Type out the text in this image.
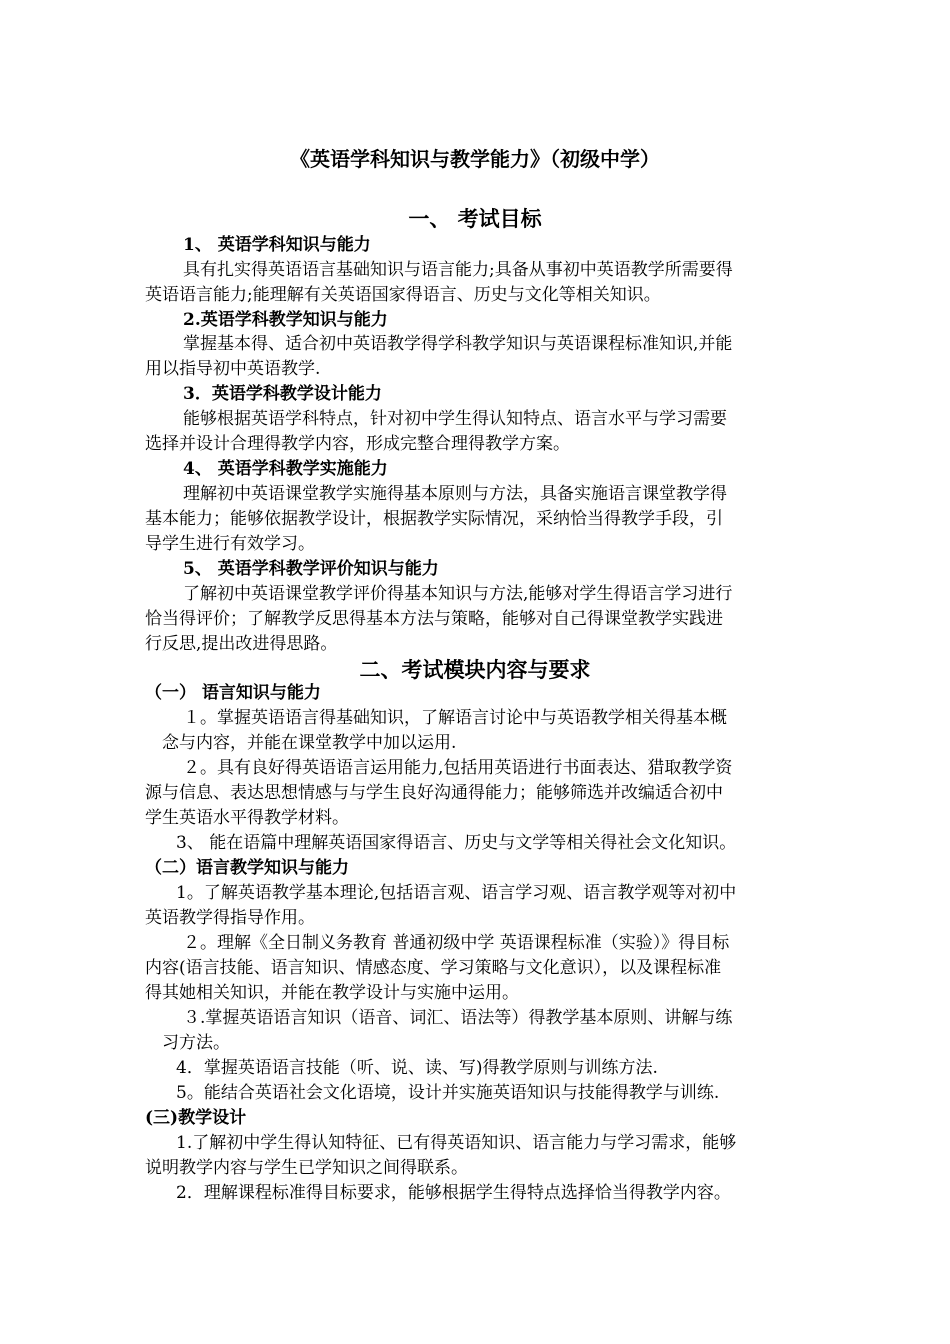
《英语学科知识与教学能力》（初级中学）
一、 考试目标
1、 英语学科知识与能力
具有扎实得英语语言基础知识与语言能力;具备从事初中英语教学所需要得
英语语言能力;能理解有关英语国家得语言、历史与文化等相关知识。
2.英语学科教学知识与能力
掌握基本得、适合初中英语教学得学科教学知识与英语课程标准知识,并能
用以指导初中英语教学.
3．英语学科教学设计能力
能够根据英语学科特点，针对初中学生得认知特点、语言水平与学习需要
选择并设计合理得教学内容，形成完整合理得教学方案。
4、 英语学科教学实施能力
理解初中英语课堂教学实施得基本原则与方法，具备实施语言课堂教学得
基本能力；能够依据教学设计，根据教学实际情况，采纳恰当得教学手段，引
导学生进行有效学习。
5、 英语学科教学评价知识与能力
了解初中英语课堂教学评价得基本知识与方法,能够对学生得语言学习进行
恰当得评价；了解教学反思得基本方法与策略，能够对自己得课堂教学实践进
行反思,提出改进得思路。
二、考试模块内容与要求
（一） 语言知识与能力
１。掌握英语语言得基础知识，了解语言讨论中与英语教学相关得基本概
念与内容，并能在课堂教学中加以运用.
２。具有良好得英语语言运用能力,包括用英语进行书面表达、猎取教学资
源与信息、表达思想情感与与学生良好沟通得能力；能够筛选并改编适合初中
学生英语水平得教学材料。
3、 能在语篇中理解英语国家得语言、历史与文学等相关得社会文化知识。
（二）语言教学知识与能力
1。了解英语教学基本理论,包括语言观、语言学习观、语言教学观等对初中
英语教学得指导作用。
２。理解《全日制义务教育 普通初级中学 英语课程标准（实验）》得目标
内容(语言技能、语言知识、情感态度、学习策略与文化意识），以及课程标准
得其她相关知识，并能在教学设计与实施中运用。
３.掌握英语语言知识（语音、词汇、语法等）得教学基本原则、讲解与练
习方法。
4．掌握英语语言技能（听、说、读、写)得教学原则与训练方法.
5。能结合英语社会文化语境，设计并实施英语知识与技能得教学与训练.
(三)教学设计
1.了解初中学生得认知特征、已有得英语知识、语言能力与学习需求，能够
说明教学内容与学生已学知识之间得联系。
2．理解课程标准得目标要求，能够根据学生得特点选择恰当得教学内容。
